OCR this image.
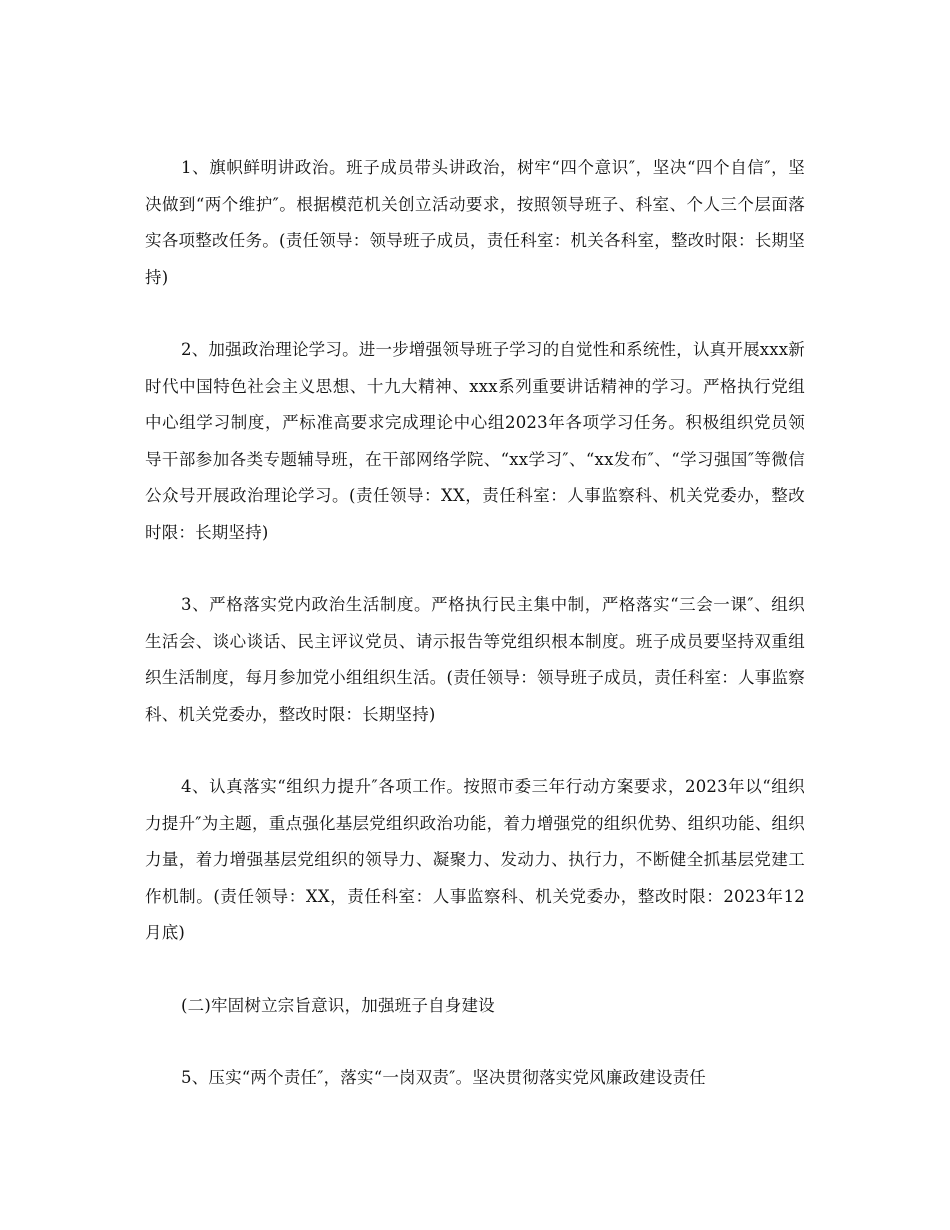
1、旗帜鲜明讲政治。班子成员带头讲政治，树牢“四个意识″，坚决“四个自信″，坚决做到“两个维护″。根据模范机关创立活动要求，按照领导班子、科室、个人三个层面落实各项整改任务。(责任领导：领导班子成员，责任科室：机关各科室，整改时限：长期坚持)

2、加强政治理论学习。进一步增强领导班子学习的自觉性和系统性，认真开展xxx新时代中国特色社会主义思想、十九大精神、xxx系列重要讲话精神的学习。严格执行党组中心组学习制度，严标准高要求完成理论中心组2023年各项学习任务。积极组织党员领导干部参加各类专题辅导班，在干部网络学院、“xx学习″、“xx发布″、“学习强国″等微信公众号开展政治理论学习。(责任领导：XX，责任科室：人事监察科、机关党委办，整改时限：长期坚持)

3、严格落实党内政治生活制度。严格执行民主集中制，严格落实“三会一课″、组织生活会、谈心谈话、民主评议党员、请示报告等党组织根本制度。班子成员要坚持双重组织生活制度，每月参加党小组组织生活。(责任领导：领导班子成员，责任科室：人事监察科、机关党委办，整改时限：长期坚持)

4、认真落实“组织力提升″各项工作。按照市委三年行动方案要求，2023年以“组织力提升″为主题，重点强化基层党组织政治功能，着力增强党的组织优势、组织功能、组织力量，着力增强基层党组织的领导力、凝聚力、发动力、执行力，不断健全抓基层党建工作机制。(责任领导：XX，责任科室：人事监察科、机关党委办，整改时限：2023年12月底)

(二)牢固树立宗旨意识，加强班子自身建设

5、压实“两个责任″，落实“一岗双责″。坚决贯彻落实党风廉政建设责任
